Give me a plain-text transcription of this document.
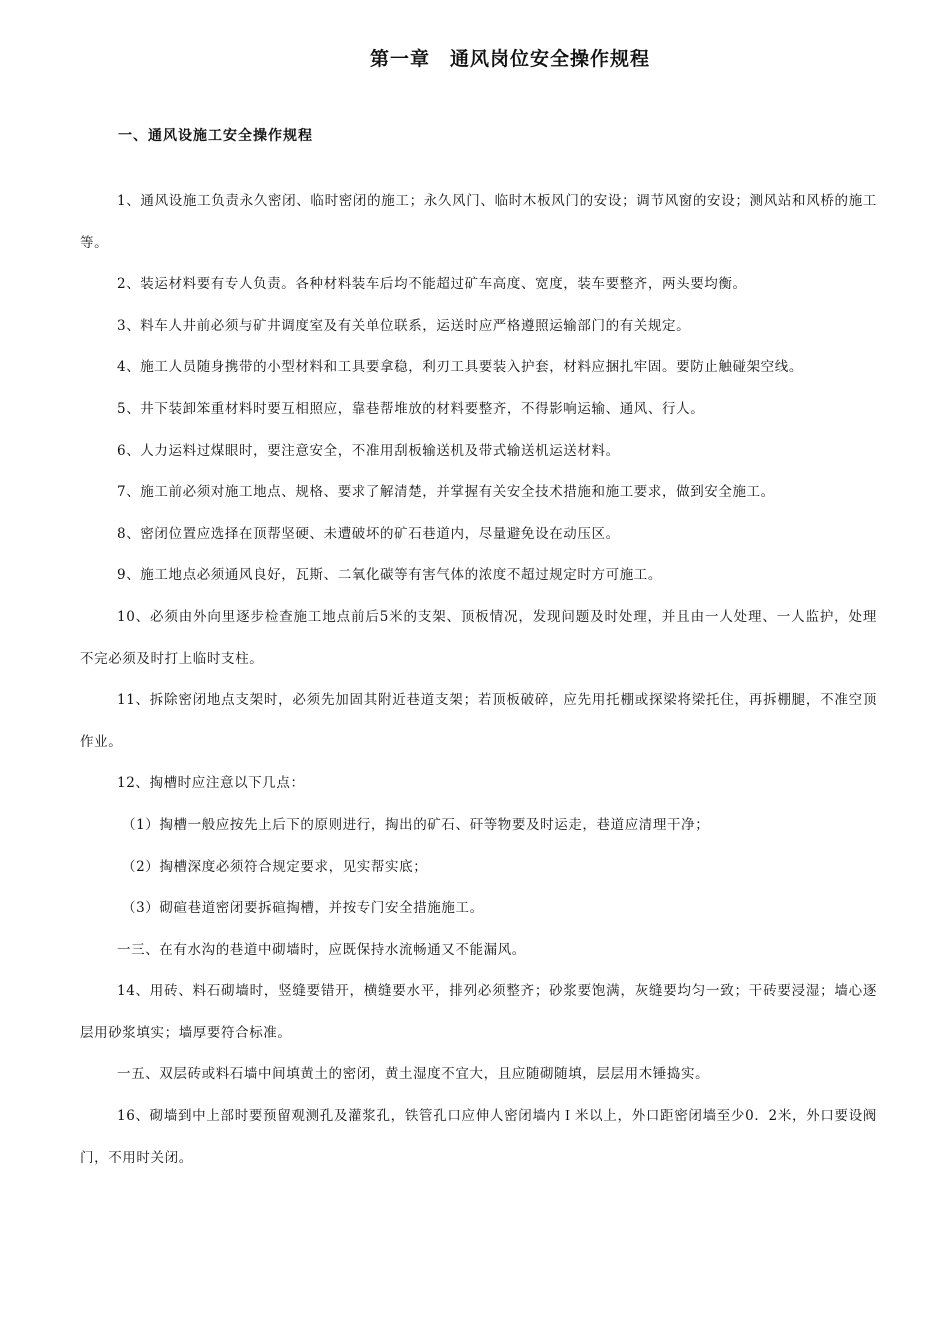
第一章　通风岗位安全操作规程
一、通风设施工安全操作规程

1、通风设施工负责永久密闭、临时密闭的施工；永久风门、临时木板风门的安设；调节风窗的安设；测风站和风桥的施工等。

2、装运材料要有专人负责。各种材料装车后均不能超过矿车高度、宽度，装车要整齐，两头要均衡。

3、料车人井前必须与矿井调度室及有关单位联系，运送时应严格遵照运输部门的有关规定。

4、施工人员随身携带的小型材料和工具要拿稳，利刃工具要装入护套，材料应捆扎牢固。要防止触碰架空线。

5、井下装卸笨重材料时要互相照应，靠巷帮堆放的材料要整齐，不得影响运输、通风、行人。

6、人力运料过煤眼时，要注意安全，不准用刮板输送机及带式输送机运送材料。

7、施工前必须对施工地点、规格、要求了解清楚，并掌握有关安全技术措施和施工要求，做到安全施工。

8、密闭位置应选择在顶帮坚硬、未遭破坏的矿石巷道内，尽量避免设在动压区。

9、施工地点必须通风良好，瓦斯、二氧化碳等有害气体的浓度不超过规定时方可施工。

10、必须由外向里逐步检查施工地点前后5米的支架、顶板情况，发现问题及时处理，并且由一人处理、一人监护，处理不完必须及时打上临时支柱。

11、拆除密闭地点支架时，必须先加固其附近巷道支架；若顶板破碎，应先用托棚或探梁将梁托住，再拆棚腿，不准空顶作业。

12、掏槽时应注意以下几点：

（1）掏槽一般应按先上后下的原则进行，掏出的矿石、矸等物要及时运走，巷道应清理干净；

（2）掏槽深度必须符合规定要求，见实帮实底；

（3）砌碹巷道密闭要拆碹掏槽，并按专门安全措施施工。

一三、在有水沟的巷道中砌墙时，应既保持水流畅通又不能漏风。

14、用砖、料石砌墙时，竖缝要错开，横缝要水平，排列必须整齐；砂浆要饱满，灰缝要均匀一致；干砖要浸湿；墙心逐层用砂浆填实；墙厚要符合标准。

一五、双层砖或料石墙中间填黄土的密闭，黄土湿度不宜大，且应随砌随填，层层用木锤捣实。

16、砌墙到中上部时要预留观测孔及灌浆孔，铁管孔口应伸人密闭墙内Ｉ米以上，外口距密闭墙至少0．2米，外口要设阀门，不用时关闭。
